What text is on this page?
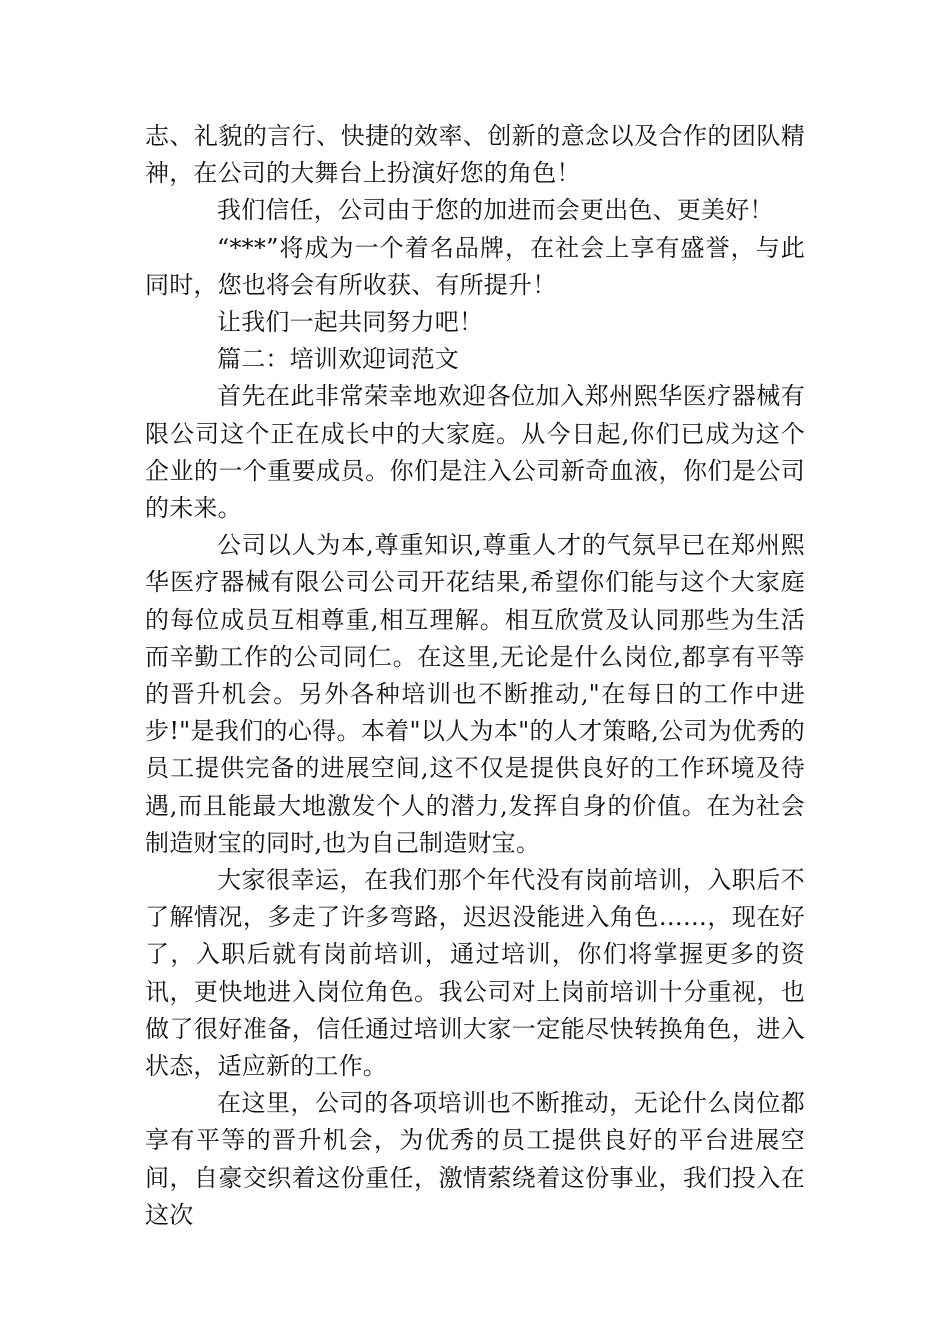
志、礼貌的言行、快捷的效率、创新的意念以及合作的团队精神，在公司的大舞台上扮演好您的角色！

我们信任，公司由于您的加进而会更出色、更美好！

“***”将成为一个着名品牌，在社会上享有盛誉，与此同时，您也将会有所收获、有所提升！

让我们一起共同努力吧！

篇二：培训欢迎词范文

首先在此非常荣幸地欢迎各位加入郑州熙华医疗器械有限公司这个正在成长中的大家庭。从今日起,你们已成为这个企业的一个重要成员。你们是注入公司新奇血液，你们是公司的未来。

公司以人为本,尊重知识,尊重人才的气氛早已在郑州熙华医疗器械有限公司公司开花结果,希望你们能与这个大家庭的每位成员互相尊重,相互理解。相互欣赏及认同那些为生活而辛勤工作的公司同仁。在这里,无论是什么岗位,都享有平等的晋升机会。另外各种培训也不断推动,"在每日的工作中进步!"是我们的心得。本着"以人为本"的人才策略,公司为优秀的员工提供完备的进展空间,这不仅是提供良好的工作环境及待遇,而且能最大地激发个人的潜力,发挥自身的价值。在为社会制造财宝的同时,也为自己制造财宝。

大家很幸运，在我们那个年代没有岗前培训，入职后不了解情况，多走了许多弯路，迟迟没能进入角色……，现在好了，入职后就有岗前培训，通过培训，你们将掌握更多的资讯，更快地进入岗位角色。我公司对上岗前培训十分重视，也做了很好准备，信任通过培训大家一定能尽快转换角色，进入状态，适应新的工作。

在这里，公司的各项培训也不断推动，无论什么岗位都享有平等的晋升机会，为优秀的员工提供良好的平台进展空间，自豪交织着这份重任，激情萦绕着这份事业，我们投入在这次
